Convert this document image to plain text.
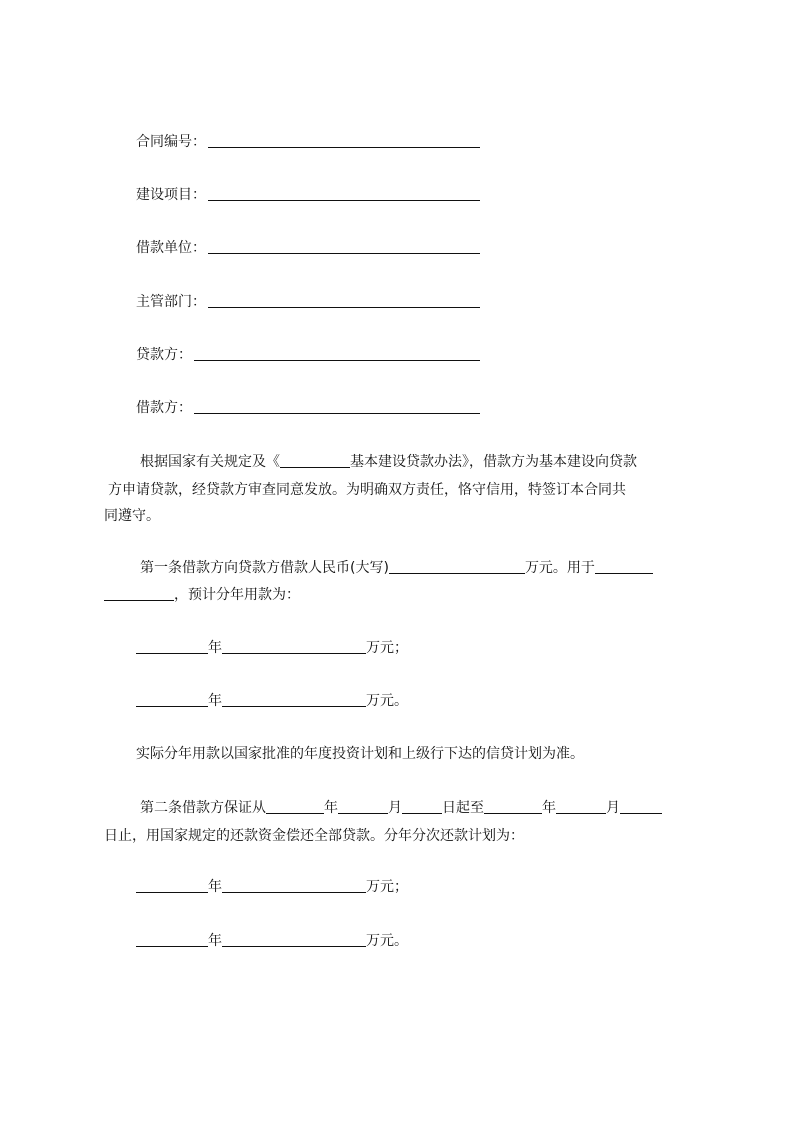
合同编号：
建设项目：
借款单位：
主管部门：
贷款方：
借款方：
根据国家有关规定及《	基本建设贷款办法》，借款方为基本建设向贷款
方申请贷款，经贷款方审查同意发放。为明确双方责任，恪守信用，特签订本合同共
同遵守。
第一条借款方向贷款方借款人民币(大写)	万元。用于
，预计分年用款为：
年	万元；
年	万元。
实际分年用款以国家批准的年度投资计划和上级行下达的信贷计划为准。
第二条借款方保证从	年	月	日起至	年	月
日止，用国家规定的还款资金偿还全部贷款。分年分次还款计划为：
年	万元；
年	万元。
